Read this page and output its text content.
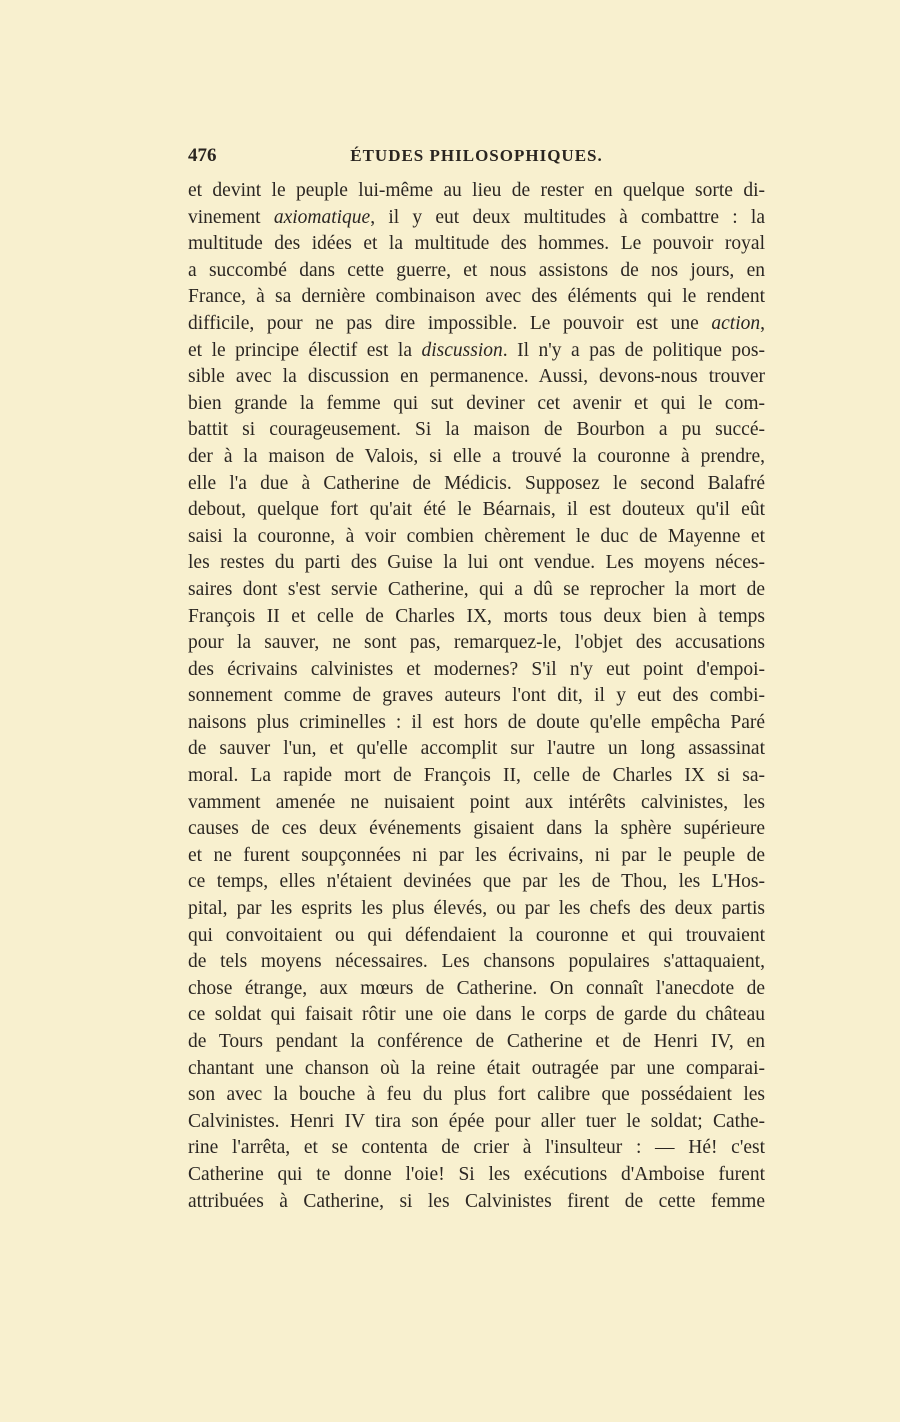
476	ÉTUDES PHILOSOPHIQUES.
et devint le peuple lui-même au lieu de rester en quelque sorte di-
vinement axiomatique, il y eut deux multitudes à combattre : la
multitude des idées et la multitude des hommes. Le pouvoir royal
a succombé dans cette guerre, et nous assistons de nos jours, en
France, à sa dernière combinaison avec des éléments qui le rendent
difficile, pour ne pas dire impossible. Le pouvoir est une action,
et le principe électif est la discussion. Il n'y a pas de politique pos-
sible avec la discussion en permanence. Aussi, devons-nous trouver
bien grande la femme qui sut deviner cet avenir et qui le com-
battit si courageusement. Si la maison de Bourbon a pu succé-
der à la maison de Valois, si elle a trouvé la couronne à prendre,
elle l'a due à Catherine de Médicis. Supposez le second Balafré
debout, quelque fort qu'ait été le Béarnais, il est douteux qu'il eût
saisi la couronne, à voir combien chèrement le duc de Mayenne et
les restes du parti des Guise la lui ont vendue. Les moyens néces-
saires dont s'est servie Catherine, qui a dû se reprocher la mort de
François II et celle de Charles IX, morts tous deux bien à temps
pour la sauver, ne sont pas, remarquez-le, l'objet des accusations
des écrivains calvinistes et modernes? S'il n'y eut point d'empoi-
sonnement comme de graves auteurs l'ont dit, il y eut des combi-
naisons plus criminelles : il est hors de doute qu'elle empêcha Paré
de sauver l'un, et qu'elle accomplit sur l'autre un long assassinat
moral. La rapide mort de François II, celle de Charles IX si sa-
vamment amenée ne nuisaient point aux intérêts calvinistes, les
causes de ces deux événements gisaient dans la sphère supérieure
et ne furent soupçonnées ni par les écrivains, ni par le peuple de
ce temps, elles n'étaient devinées que par les de Thou, les L'Hos-
pital, par les esprits les plus élevés, ou par les chefs des deux partis
qui convoitaient ou qui défendaient la couronne et qui trouvaient
de tels moyens nécessaires. Les chansons populaires s'attaquaient,
chose étrange, aux mœurs de Catherine. On connaît l'anecdote de
ce soldat qui faisait rôtir une oie dans le corps de garde du château
de Tours pendant la conférence de Catherine et de Henri IV, en
chantant une chanson où la reine était outragée par une comparai-
son avec la bouche à feu du plus fort calibre que possédaient les
Calvinistes. Henri IV tira son épée pour aller tuer le soldat; Cathe-
rine l'arrêta, et se contenta de crier à l'insulteur : — Hé! c'est
Catherine qui te donne l'oie! Si les exécutions d'Amboise furent
attribuées à Catherine, si les Calvinistes firent de cette femme
